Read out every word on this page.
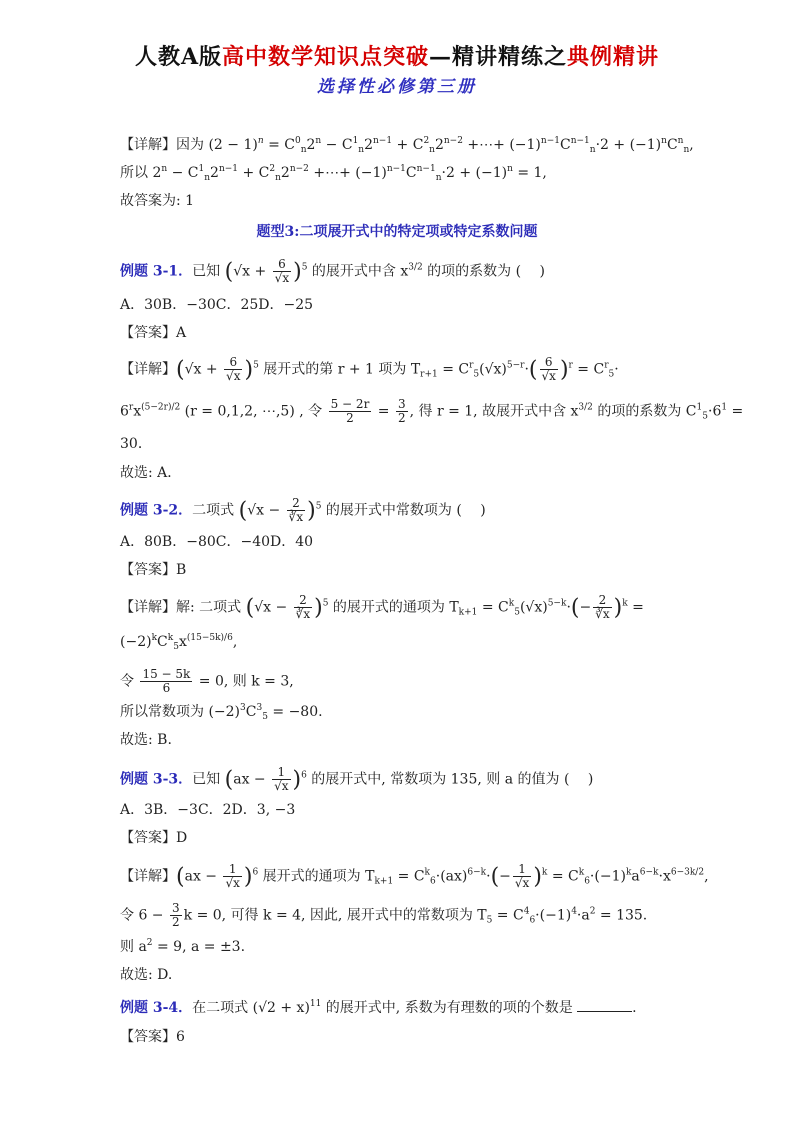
人教A版高中数学知识点突破—精讲精练之典例精讲
选择性必修第三册
【详解】因为 $(2 - 1)^n = C^0_n2^n - C^1_n2^{n-1} + C^2_n2^{n-2}$ +⋯+ $(-1)^{n-1}C^{n-1}_n\cdot 2 + (-1)^nC^n_n$,
所以 $2^n - C^1_n2^{n-1} + C^2_n2^{n-2}$ +⋯+ $(-1)^{n-1}C^{n-1}_n\cdot 2 + (-1)^n = 1$,
故答案为: 1
题型3:二项展开式中的特定项或特定系数问题
例题 3-1．已知 $(√x + \frac{6}{√x} )^5$ 的展开式中含 $x^{3/2}$ 的项的系数为 (　 )
A．30B．−30C．25D．−25
【答案】A
【详解】$(√x + \frac{6}{√x} )^5$ 展开式的第 r + 1 项为 $T_{r+1} = C^r_5(√x)^{5-r}\cdot( \frac{6}{√x} )^r = C^r_5\cdot$
$6^rx^{(5-2r)/2}$ (r = 0,1,2, ⋯,5) , 令 $\frac{5 - 2r}{2} = \frac{3}{2}$ , 得 r = 1, 故展开式中含 $x^{3/2}$ 的项的系数为 $C^1_5\cdot 6^1$ =
30．
故选: A．
例题 3-2．二项式 $(√x - \frac{2}{∛x} )^5$ 的展开式中常数项为 (　 )
A．80B．−80C．−40D．40
【答案】B
【详解】解: 二项式 $(√x - \frac{2}{∛x} )^5$ 的展开式的通项为 $T_{k+1} = C^k_5(√x)^{5-k}\cdot(- \frac{2}{∛x} )^k$ =
$(-2)^kC^k_5x^{(15-5k)/6}$,
令 $\frac{15 - 5k}{6} = 0$, 则 k = 3,
所以常数项为 $(-2)^3C^3_5 = -80$.
故选: B.
例题 3-3．已知 $(ax - \frac{1}{√x} )^6$ 的展开式中, 常数项为 135, 则 a 的值为 (　 )
A．3B．−3C．2D．3, −3
【答案】D
【详解】$(ax - \frac{1}{√x} )^6$ 展开式的通项为 $T_{k+1} = C^k_6\cdot(ax)^{6-k}\cdot(- \frac{1}{√x} )^k = C^k_6\cdot(-1)^ka^{6-k}\cdot x^{6-3k/2}$,
令 $6 - \frac{3}{2}$ k = 0, 可得 k = 4, 因此, 展开式中的常数项为 $T_5 = C^4_6\cdot(-1)^4\cdot a^2 = 135$.
则 $a^2 = 9$, a = ±3.
故选: D.
例题 3-4．在二项式 $(√2 + x)^{11}$ 的展开式中, 系数为有理数的项的个数是	.
【答案】6
